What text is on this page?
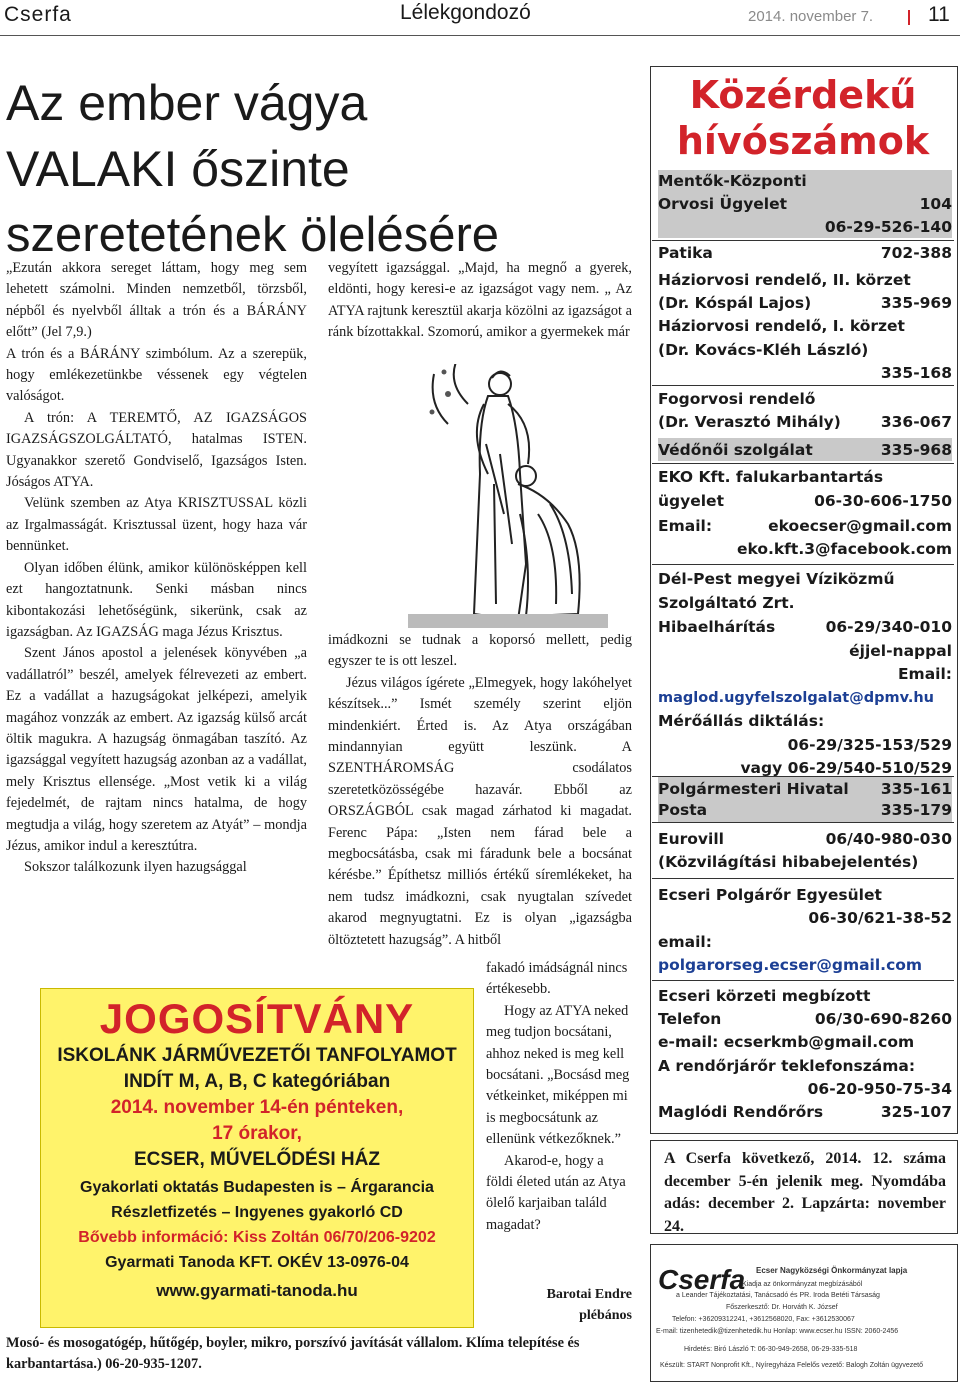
Cserfa	Lélekgondozó	2014. november 7.	11
Az ember vágya
VALAKI őszinte
szeretetének ölelésére

„Ezután akkora sereget láttam, hogy meg sem lehetett számolni. Minden nemzetből, törzsből, népből és nyelvből álltak a trón és a BÁRÁNY előtt” (Jel 7,9.)

A trón és a BÁRÁNY szimbólum. Az a szerepük, hogy emlékezetünkbe véssenek egy végtelen valóságot.

A trón: A TEREMTŐ, AZ IGAZSÁGOS IGAZSÁGSZOLGÁLTATÓ, hatalmas ISTEN. Ugyanakkor szerető Gondviselő, Igazságos Isten. Jóságos ATYA.

Velünk szemben az Atya KRISZTUSSAL közli az Irgalmasságát. Krisztussal üzent, hogy haza vár bennünket.

Olyan időben élünk, amikor különösképpen kell ezt hangoztatnunk. Senki másban nincs kibontakozási lehetőségünk, sikerünk, csak az igazságban. Az IGAZSÁG maga Jézus Krisztus.

Szent János apostol a jelenések könyvében „a vadállatról” beszél, amelyek félrevezeti az embert. Ez a vadállat a hazugságokat jelképezi, amelyik magához vonzzák az embert. Az igazság külső arcát öltik magukra. A hazugság önmagában taszító. Az igazsággal vegyített hazugság azonban az a vadállat, mely Krisztus ellensége. „Most vetik ki a világ fejedelmét, de rajtam nincs hatalma, de hogy megtudja a világ, hogy szeretem az Atyát” – mondja Jézus, amikor indul a keresztútra.

Sokszor találkozunk ilyen hazugsággal

vegyített igazsággal. „Majd, ha megnő a gyerek, eldönti, hogy keresi-e az igazságot vagy nem. „ Az ATYA rajtunk keresztül akarja közölni az igazságot a ránk bízottakkal. Szomorú, amikor a gyermekek már

imádkozni se tudnak a koporsó mellett, pedig egyszer te is ott leszel.

Jézus világos ígérete „Elmegyek, hogy lakóhelyet készítsek...” Ismét személy szerint eljön mindenkiért. Érted is. Az Atya országában mindannyian együtt leszünk. A SZENTHÁROMSÁG csodálatos szeretetközösségébe hazavár. Ebből az ORSZÁGBÓL csak magad zárhatod ki magadat. Ferenc Pápa: „Isten nem fárad bele a megbocsátásba, csak mi fáradunk bele a bocsánat kérésbe.” Építhetsz milliós értékű síremlékeket, ha nem tudsz imádkozni, csak nyugtalan szívedet akarod megnyugtatni. Ez is olyan „igazságba öltöztetett hazugság”. A hitből

fakadó imádságnál nincs értékesebb.

Hogy az ATYA neked meg tudjon bocsátani, ahhoz neked is meg kell bocsátani. „Bocsásd meg vétkeinket, miképpen mi is megbocsátunk az ellenünk vétkezőknek.”

Akarod-e, hogy a földi életed után az Atya ölelő karjaiban találd magadat?

Barotai Endre
plébános
JOGOSÍTVÁNY
ISKOLÁNK JÁRMŰVEZETŐI TANFOLYAMOT
INDÍT M, A, B, C kategóriában
2014. november 14-én pénteken,
17 órakor,
ECSER, MŰVELŐDÉSI HÁZ
Gyakorlati oktatás Budapesten is – Árgarancia
Részletfizetés – Ingyenes gyakorló CD
Bővebb információ: Kiss Zoltán 06/70/206-9202
Gyarmati Tanoda KFT. OKÉV 13-0976-04
www.gyarmati-tanoda.hu
Mosó- és mosogatógép, hűtőgép, boyler, mikro, porszívó javítását vállalom. Klíma telepítése és karbantartása.) 06-20-935-1207.
Közérdekű
hívószámok
Mentők-Központi
Orvosi Ügyelet	104
06-29-526-140
Patika	702-388
Háziorvosi rendelő, II. körzet
(Dr. Kóspál Lajos)	335-969
Háziorvosi rendelő, I. körzet
(Dr. Kovács-Kléh László)
335-168
Fogorvosi rendelő
(Dr. Verasztó Mihály)	336-067
Védőnői szolgálat	335-968
EKO Kft. falukarbantartás
ügyelet	06-30-606-1750
Email:	ekoecser@gmail.com
eko.kft.3@facebook.com
Dél-Pest megyei Víziközmű
Szolgáltató Zrt.
Hibaelhárítás	06-29/340-010
éjjel-nappal
Email:
maglod.ugyfelszolgalat@dpmv.hu
Mérőállás diktálás:
06-29/325-153/529
vagy 06-29/540-510/529
Polgármesteri Hivatal 335-161
Posta	335-179
Eurovill	06/40-980-030
(Közvilágítási hibabejelentés)
Ecseri Polgárőr Egyesület
06-30/621-38-52
email:
polgarorseg.ecser@gmail.com
Ecseri körzeti megbízott
Telefon	06/30-690-8260
e-mail: ecserkmb@gmail.com
A rendőrjárőr teklefonszáma:
06-20-950-75-34
Maglódi Rendőrőrs	325-107
A Cserfa következő, 2014. 12. száma december 5-én jelenik meg. Nyomdába adás: december 2. Lapzárta: november 24.
Cserfa Ecser Nagyközségi Önkormányzat lapja
Kiadja az önkormányzat megbízásából
a Leander Tájékoztatási, Tanácsadó és PR. Iroda Betéti Társaság
Főszerkesztő: Dr. Horváth K. József
Telefon: +36209312241, +3612568020, Fax: +3612530067
E-mail: tizenhetedik@tizenhetedik.hu Honlap: www.ecser.hu ISSN: 2060-2456
Hirdetés: Biró László T: 06-30-949-2658, 06-29-335-518
Készült: START Nonprofit Kft., Nyíregyháza Felelős vezető: Balogh Zoltán ügyvezető
